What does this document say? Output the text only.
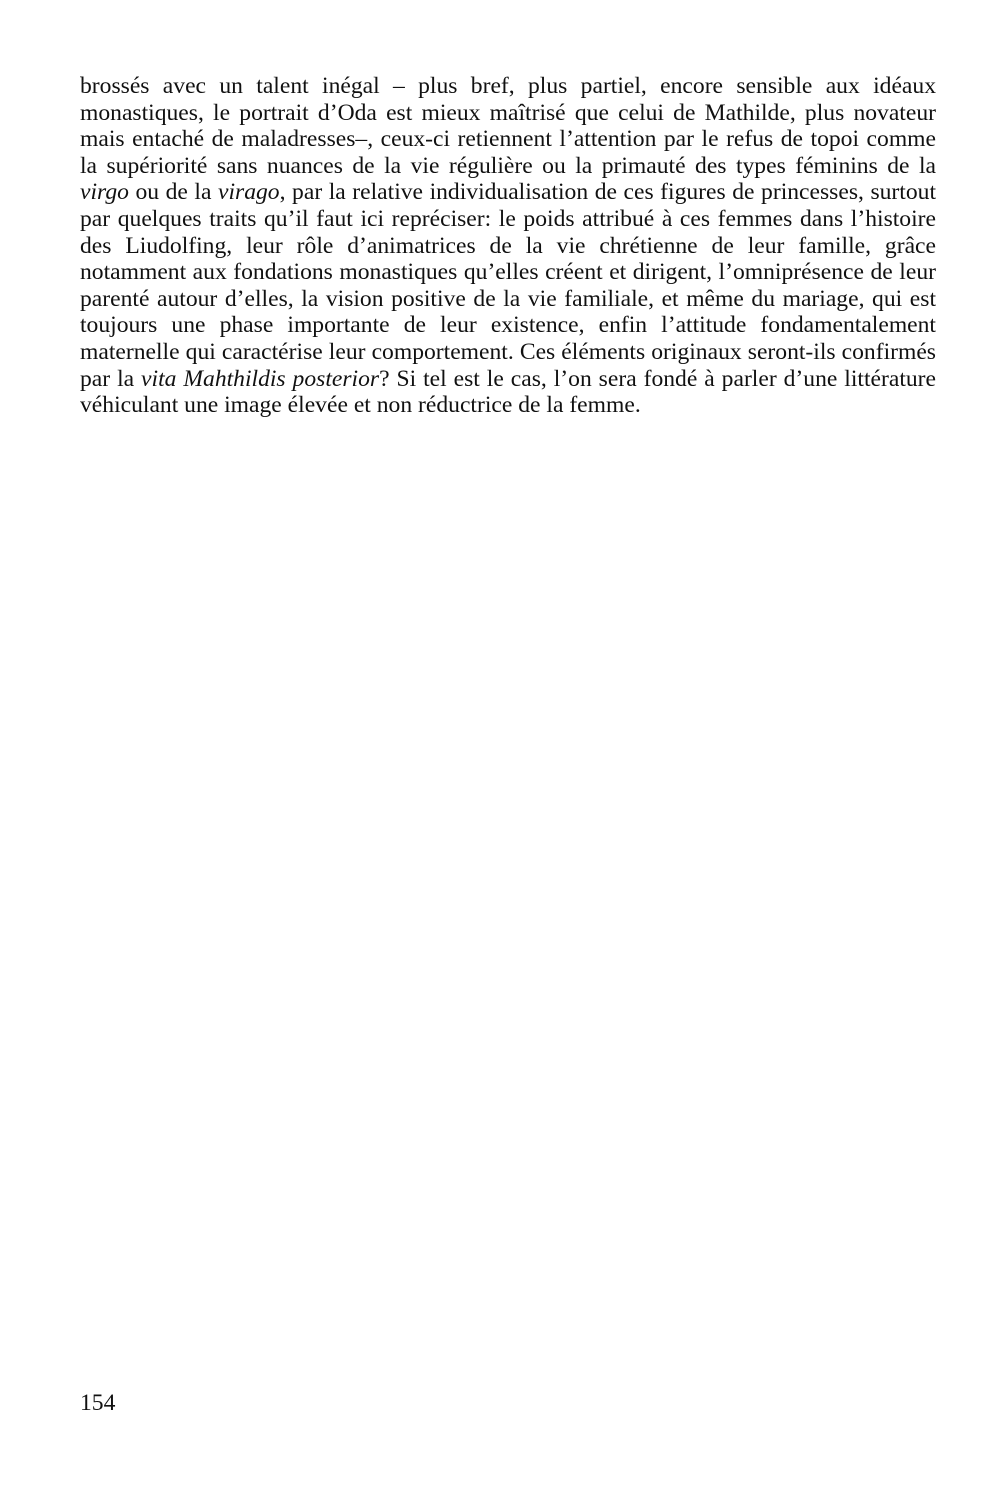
brossés avec un talent inégal – plus bref, plus partiel, encore sensible aux idéaux monastiques, le portrait d’Oda est mieux maîtrisé que celui de Mathilde, plus novateur mais entaché de maladresses–, ceux-ci retiennent l’attention par le refus de topoi comme la supériorité sans nuances de la vie régulière ou la primauté des types féminins de la virgo ou de la virago, par la relative individualisation de ces figures de princesses, surtout par quelques traits qu’il faut ici repréciser: le poids attribué à ces femmes dans l’histoire des Liudolfing, leur rôle d’animatrices de la vie chrétienne de leur famille, grâce notamment aux fondations monastiques qu’elles créent et dirigent, l’omniprésence de leur parenté autour d’elles, la vision positive de la vie familiale, et même du mariage, qui est toujours une phase importante de leur existence, enfin l’attitude fondamentalement maternelle qui caractérise leur comportement. Ces éléments originaux seront-ils confirmés par la vita Mahthildis posterior? Si tel est le cas, l’on sera fondé à parler d’une littérature véhiculant une image élevée et non réductrice de la femme.

154
